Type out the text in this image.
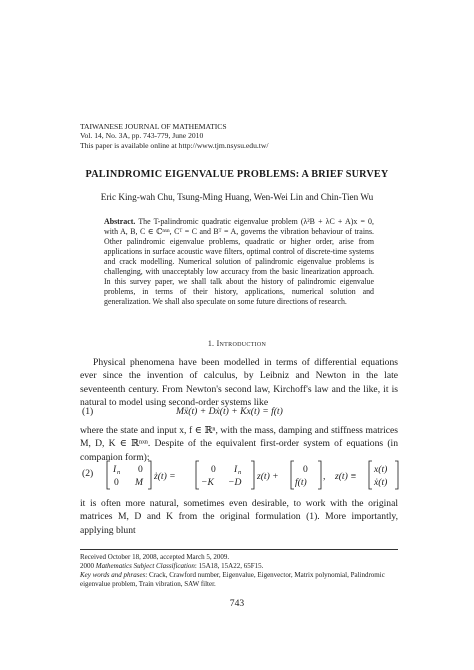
TAIWANESE JOURNAL OF MATHEMATICS
Vol. 14, No. 3A, pp. 743-779, June 2010
This paper is available online at http://www.tjm.nsysu.edu.tw/
PALINDROMIC EIGENVALUE PROBLEMS: A BRIEF SURVEY
Eric King-wah Chu, Tsung-Ming Huang, Wen-Wei Lin and Chin-Tien Wu
Abstract. The T-palindromic quadratic eigenvalue problem (λ²B + λC + A)x = 0, with A, B, C ∈ ℂⁿˣⁿ, Cᵀ = C and Bᵀ = A, governs the vibration behaviour of trains. Other palindromic eigenvalue problems, quadratic or higher order, arise from applications in surface acoustic wave filters, optimal control of discrete-time systems and crack modelling. Numerical solution of palindromic eigenvalue problems is challenging, with unacceptably low accuracy from the basic linearization approach. In this survey paper, we shall talk about the history of palindromic eigenvalue problems, in terms of their history, applications, numerical solution and generalization. We shall also speculate on some future directions of research.
1. Introduction
Physical phenomena have been modelled in terms of differential equations ever since the invention of calculus, by Leibniz and Newton in the late seventeenth century. From Newton's second law, Kirchoff's law and the like, it is natural to model using second-order systems like
(1)	Mẍ(t) + Dẋ(t) + Kx(t) = f(t)
where the state and input x, f ∈ ℝⁿ, with the mass, damping and stiffness matrices M, D, K ∈ ℝⁿˣⁿ. Despite of the equivalent first-order system of equations (in companion form):
(2) I n 0
0 M
ż(t) =
0 I n
−K −D
z(t) +
0
f(t)
, z(t) ≡
x(t)
ẋ(t)
it is often more natural, sometimes even desirable, to work with the original matrices M, D and K from the original formulation (1). More importantly, applying blunt
Received October 18, 2008, accepted March 5, 2009.
2000 Mathematics Subject Classification: 15A18, 15A22, 65F15.
Key words and phrases: Crack, Crawford number, Eigenvalue, Eigenvector, Matrix polynomial, Palindromic eigenvalue problem, Train vibration, SAW filter.
743
